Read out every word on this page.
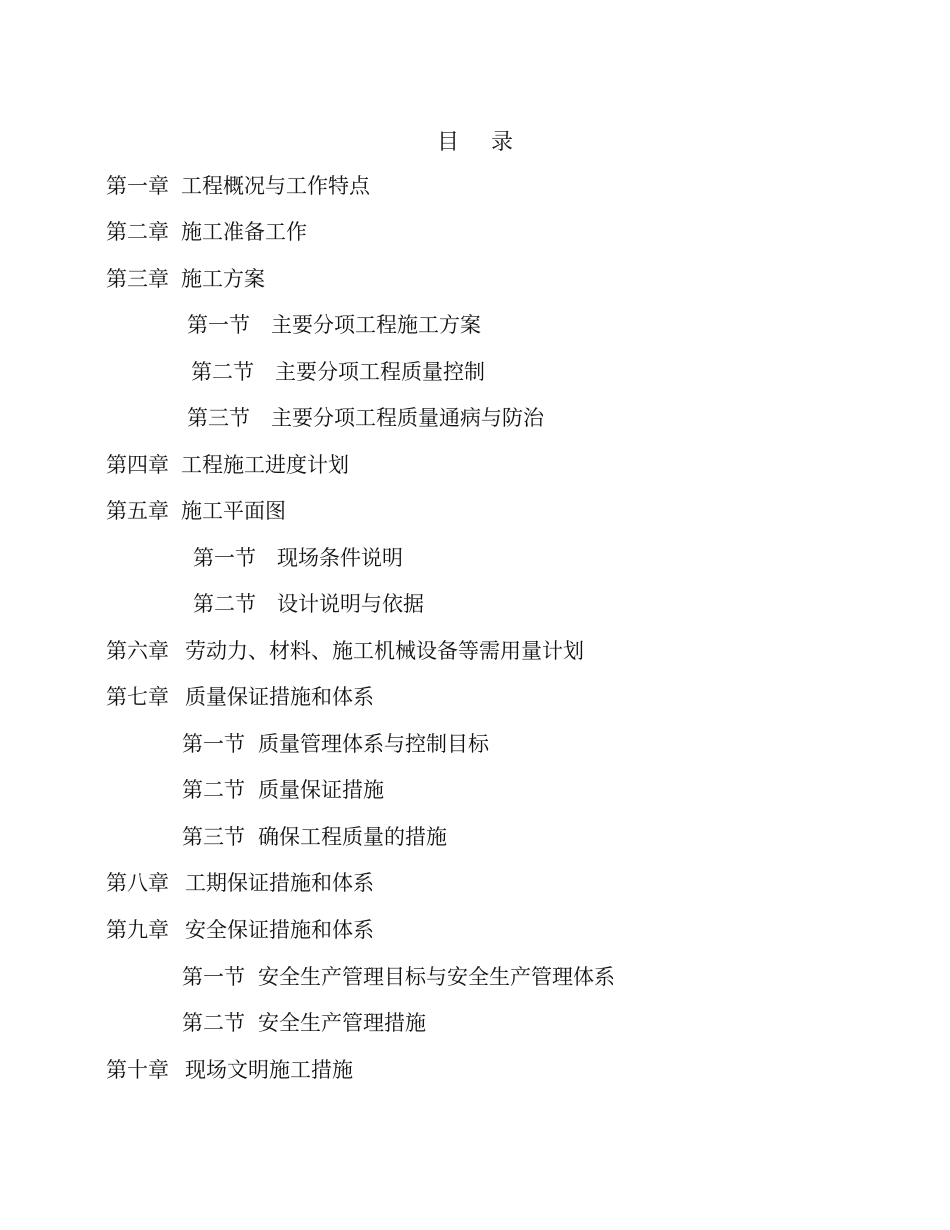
目 录
第一章 工程概况与工作特点
第二章 施工准备工作
第三章 施工方案
第一节 主要分项工程施工方案
第二节 主要分项工程质量控制
第三节 主要分项工程质量通病与防治
第四章 工程施工进度计划
第五章 施工平面图
第一节 现场条件说明
第二节 设计说明与依据
第六章 劳动力、材料、施工机械设备等需用量计划
第七章 质量保证措施和体系
第一节 质量管理体系与控制目标
第二节 质量保证措施
第三节 确保工程质量的措施
第八章 工期保证措施和体系
第九章 安全保证措施和体系
第一节 安全生产管理目标与安全生产管理体系
第二节 安全生产管理措施
第十章 现场文明施工措施
